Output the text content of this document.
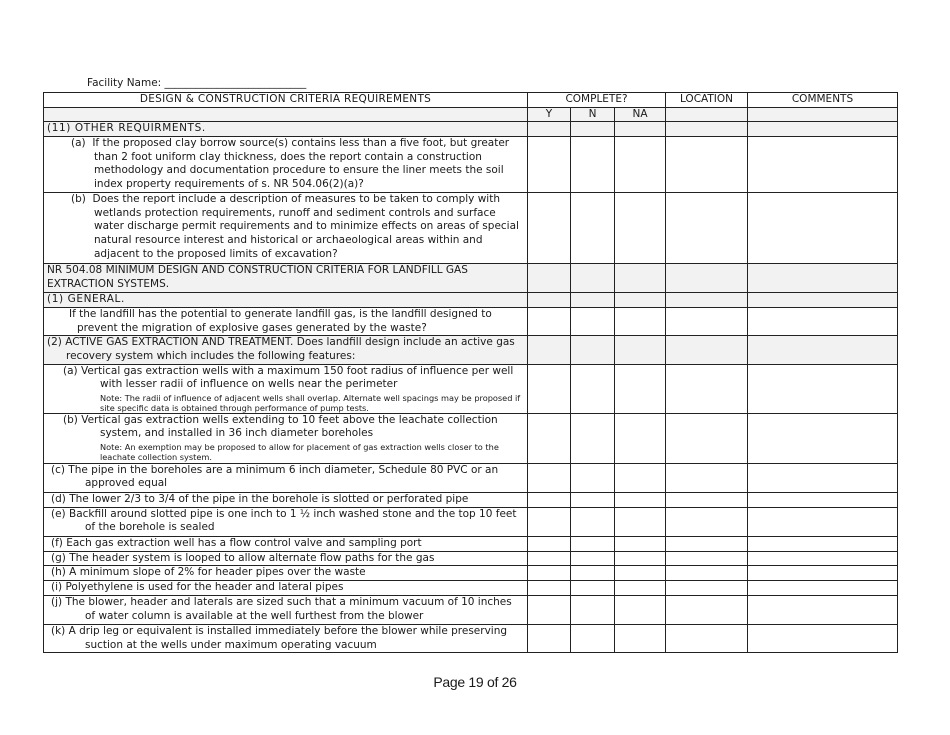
Facility Name: ___________________________
DESIGN & CONSTRUCTION CRITERIA REQUIREMENTS	COMPLETE?			LOCATION	COMMENTS
	Y	N	NA		
(11) OTHER REQUIRMENTS.					

(a) If the proposed clay borrow source(s) contains less than a five foot, but greater than 2 foot uniform clay thickness, does the report contain a construction methodology and documentation procedure to ensure the liner meets the soil index property requirements of s. NR 504.06(2)(a)?					

(b) Does the report include a description of measures to be taken to comply with wetlands protection requirements, runoff and sediment controls and surface water discharge permit requirements and to minimize effects on areas of special natural resource interest and historical or archaeological areas within and adjacent to the proposed limits of excavation?					

NR 504.08 MINIMUM DESIGN AND CONSTRUCTION CRITERIA FOR LANDFILL GAS EXTRACTION SYSTEMS.					
(1) GENERAL.					

If the landfill has the potential to generate landfill gas, is the landfill designed to prevent the migration of explosive gases generated by the waste?					

(2) ACTIVE GAS EXTRACTION AND TREATMENT. Does landfill design include an active gas recovery system which includes the following features:					

(a) Vertical gas extraction wells with a maximum 150 foot radius of influence per well with lesser radii of influence on wells near the perimeter
Note: The radii of influence of adjacent wells shall overlap. Alternate well spacings may be proposed if site specific data is obtained through performance of pump tests.					

(b) Vertical gas extraction wells extending to 10 feet above the leachate collection system, and installed in 36 inch diameter boreholes
Note: An exemption may be proposed to allow for placement of gas extraction wells closer to the leachate collection system.					

(c) The pipe in the boreholes are a minimum 6 inch diameter, Schedule 80 PVC or an approved equal					

(d) The lower 2/3 to 3/4 of the pipe in the borehole is slotted or perforated pipe					

(e) Backfill around slotted pipe is one inch to 1 ½ inch washed stone and the top 10 feet of the borehole is sealed					

(f) Each gas extraction well has a flow control valve and sampling port					

(g) The header system is looped to allow alternate flow paths for the gas					

(h) A minimum slope of 2% for header pipes over the waste					

(i) Polyethylene is used for the header and lateral pipes					

(j) The blower, header and laterals are sized such that a minimum vacuum of 10 inches of water column is available at the well furthest from the blower					

(k) A drip leg or equivalent is installed immediately before the blower while preserving suction at the wells under maximum operating vacuum					

Page 19 of 26
